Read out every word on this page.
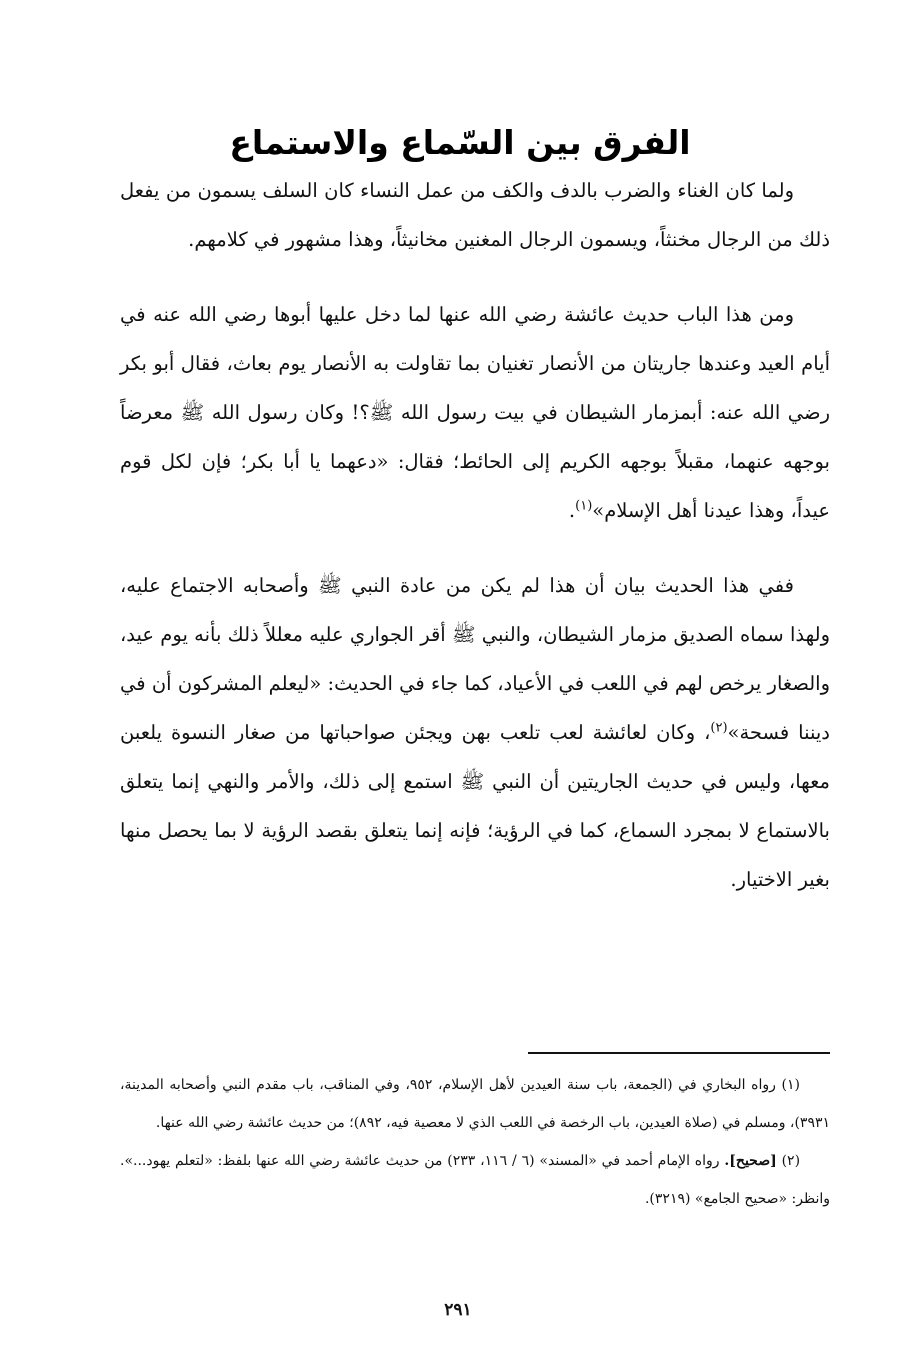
الفرق بين السّماع والاستماع

ولما كان الغناء والضرب بالدف والكف من عمل النساء كان السلف يسمون من يفعل ذلك من الرجال مخنثاً، ويسمون الرجال المغنين مخانيثاً، وهذا مشهور في كلامهم.

ومن هذا الباب حديث عائشة رضي الله عنها لما دخل عليها أبوها رضي الله عنه في أيام العيد وعندها جاريتان من الأنصار تغنيان بما تقاولت به الأنصار يوم بعاث، فقال أبو بكر رضي الله عنه: أبمزمار الشيطان في بيت رسول الله ﷺ؟! وكان رسول الله ﷺ معرضاً بوجهه عنهما، مقبلاً بوجهه الكريم إلى الحائط؛ فقال: «دعهما يا أبا بكر؛ فإن لكل قوم عيداً، وهذا عيدنا أهل الإسلام»$^{(١)}$.

ففي هذا الحديث بيان أن هذا لم يكن من عادة النبي ﷺ وأصحابه الاجتماع عليه، ولهذا سماه الصديق مزمار الشيطان، والنبي ﷺ أقر الجواري عليه معللاً ذلك بأنه يوم عيد، والصغار يرخص لهم في اللعب في الأعياد، كما جاء في الحديث: «ليعلم المشركون أن في ديننا فسحة»$^{(٢)}$، وكان لعائشة لعب تلعب بهن ويجئن صواحباتها من صغار النسوة يلعبن معها، وليس في حديث الجاريتين أن النبي ﷺ استمع إلى ذلك، والأمر والنهي إنما يتعلق بالاستماع لا بمجرد السماع، كما في الرؤية؛ فإنه إنما يتعلق بقصد الرؤية لا بما يحصل منها بغير الاختيار.

(١) رواه البخاري في (الجمعة، باب سنة العيدين لأهل الإسلام، ٩٥٢، وفي المناقب، باب مقدم النبي وأصحابه المدينة، ٣٩٣١)، ومسلم في (صلاة العيدين، باب الرخصة في اللعب الذي لا معصية فيه، ٨٩٢)؛ من حديث عائشة رضي الله عنها.

(٢) [صحيح]. رواه الإمام أحمد في «المسند» (٦ / ١١٦، ٢٣٣) من حديث عائشة رضي الله عنها بلفظ: «لتعلم يهود...». وانظر: «صحيح الجامع» (٣٢١٩).

٢٩١
